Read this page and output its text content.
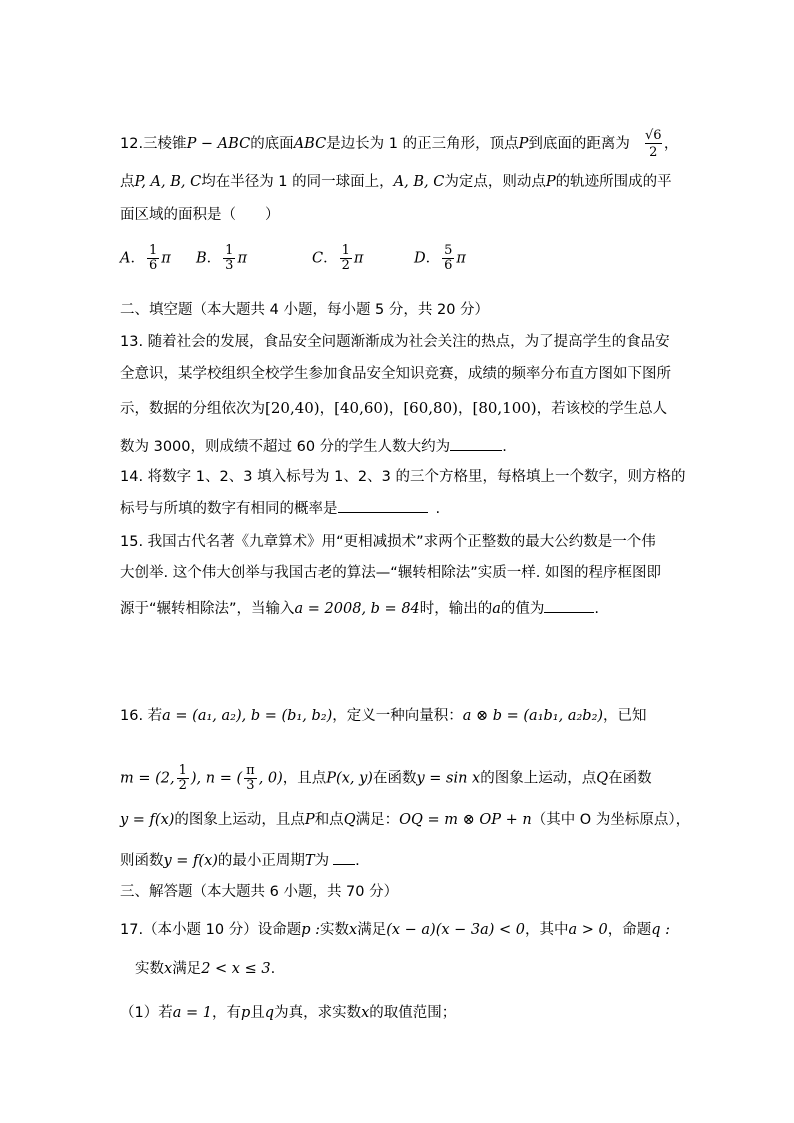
√6
2
12.三棱锥P − ABC的底面ABC是边长为 1 的正三角形，顶点P到底面的距离为 ，
点P, A, B, C均在半径为 1 的同一球面上，A, B, C为定点，则动点P的轨迹所围成的平
面区域的面积是（　　）
A． $\frac{1}{6}$ π B． $\frac{1}{3}$ π	C． $\frac{1}{2}$ π	D． $\frac{5}{6}$ π
二、填空题（本大题共 4 小题，每小题 5 分，共 20 分）
13. 随着社会的发展，食品安全问题渐渐成为社会关注的热点，为了提高学生的食品安
全意识，某学校组织全校学生参加食品安全知识竞赛，成绩的频率分布直方图如下图所
示，数据的分组依次为[20,40)，[40,60)，[60,80)，[80,100)，若该校的学生总人
数为 3000，则成绩不超过 60 分的学生人数大约为	.
14. 将数字 1、2、3 填入标号为 1、2、3 的三个方格里，每格填上一个数字，则方格的
标号与所填的数字有相同的概率是	.
15. 我国古代名著《九章算术》用“更相减损术”求两个正整数的最大公约数是一个伟
大创举. 这个伟大创举与我国古老的算法—“辗转相除法”实质一样. 如图的程序框图即
源于“辗转相除法”，当输入a = 2008, b = 84时，输出的a的值为	.
16. 若a = (a₁, a₂), b = (b₁, b₂)，定义一种向量积：a ⊗ b = (a₁b₁, a₂b₂)，已知
m = (2, $\frac{1}{2}$ ), n = ( $\frac{\pi}{3}$ , 0)，且点P(x, y)在函数y = sin x的图象上运动，点Q在函数
y = f(x)的图象上运动，且点P和点Q满足：OQ = m ⊗ OP + n（其中 O 为坐标原点），
则函数y = f(x)的最小正周期T为 .
三、解答题（本大题共 6 小题，共 70 分）
17.（本小题 10 分）设命题p :实数x满足(x − a)(x − 3a) < 0，其中a > 0，命题q :
实数x满足2 < x ≤ 3.
（1）若a = 1，有p且q为真，求实数x的取值范围；
